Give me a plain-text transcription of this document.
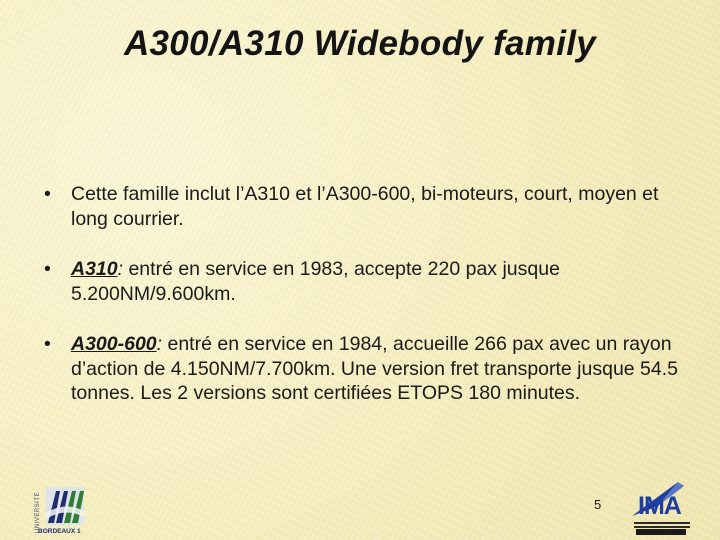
A300/A310 Widebody family
• Cette famille inclut l’A310 et l’A300-600, bi-moteurs, court, moyen et long courrier.
• A310: entré en service en 1983, accepte 220 pax jusque 5.200NM/9.600km.
• A300-600: entré en service en 1984, accueille 266 pax avec un rayon d’action de 4.150NM/7.700km. Une version fret transporte jusque 54.5 tonnes. Les 2 versions sont certifiées ETOPS 180 minutes.
UNIVERSITÉ
BORDEAUX 1
5 IMA
